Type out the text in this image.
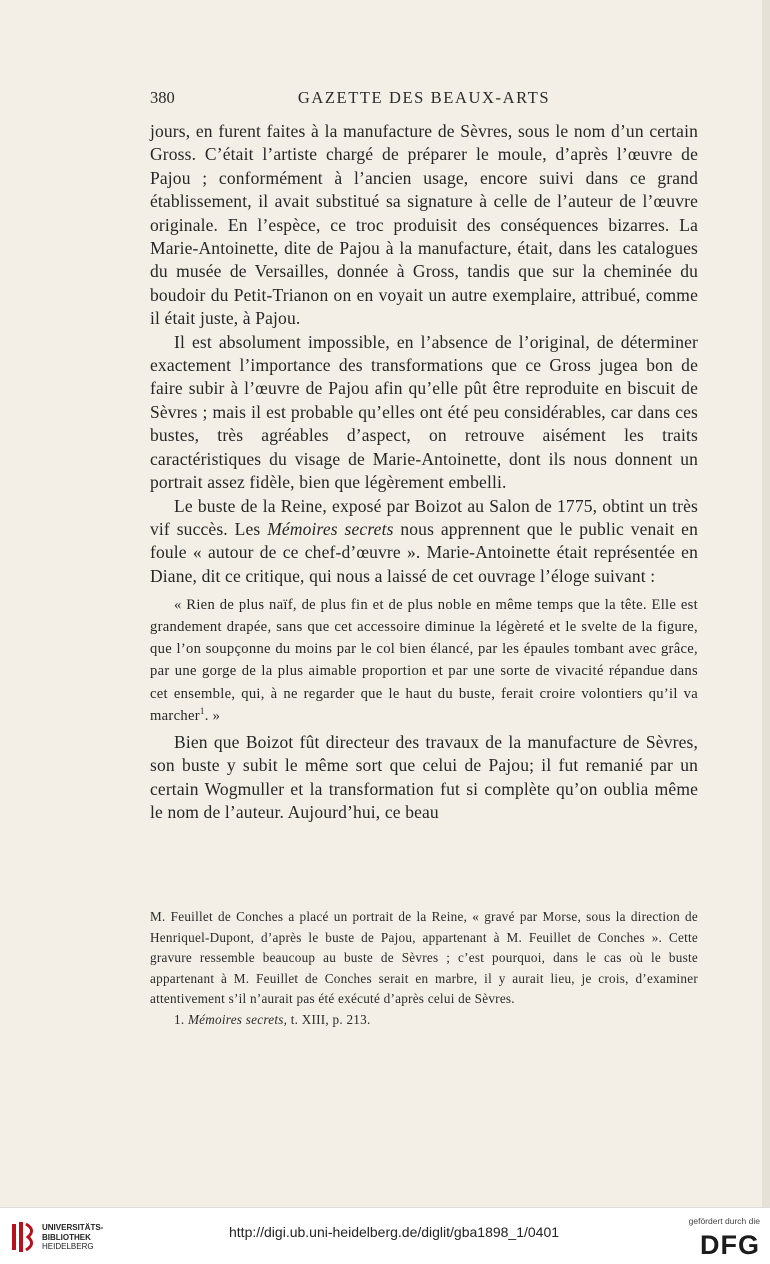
380	GAZETTE DES BEAUX-ARTS

jours, en furent faites à la manufacture de Sèvres, sous le nom d’un certain Gross. C’était l’artiste chargé de préparer le moule, d’après l’œuvre de Pajou ; conformément à l’ancien usage, encore suivi dans ce grand établissement, il avait substitué sa signature à celle de l’auteur de l’œuvre originale. En l’espèce, ce troc produisit des conséquences bizarres. La Marie-Antoinette, dite de Pajou à la manufacture, était, dans les catalogues du musée de Versailles, donnée à Gross, tandis que sur la cheminée du boudoir du Petit-Trianon on en voyait un autre exemplaire, attribué, comme il était juste, à Pajou.

Il est absolument impossible, en l’absence de l’original, de déterminer exactement l’importance des transformations que ce Gross jugea bon de faire subir à l’œuvre de Pajou afin qu’elle pût être reproduite en biscuit de Sèvres ; mais il est probable qu’elles ont été peu considérables, car dans ces bustes, très agréables d’aspect, on retrouve aisément les traits caractéristiques du visage de Marie-Antoinette, dont ils nous donnent un portrait assez fidèle, bien que légèrement embelli.

Le buste de la Reine, exposé par Boizot au Salon de 1775, obtint un très vif succès. Les Mémoires secrets nous apprennent que le public venait en foule « autour de ce chef-d’œuvre ». Marie-Antoinette était représentée en Diane, dit ce critique, qui nous a laissé de cet ouvrage l’éloge suivant :

« Rien de plus naïf, de plus fin et de plus noble en même temps que la tête. Elle est grandement drapée, sans que cet accessoire diminue la légèreté et le svelte de la figure, que l’on soupçonne du moins par le col bien élancé, par les épaules tombant avec grâce, par une gorge de la plus aimable proportion et par une sorte de vivacité répandue dans cet ensemble, qui, à ne regarder que le haut du buste, ferait croire volontiers qu’il va marcher$^1$. »

Bien que Boizot fût directeur des travaux de la manufacture de Sèvres, son buste y subit le même sort que celui de Pajou; il fut remanié par un certain Wogmuller et la transformation fut si complète qu’on oublia même le nom de l’auteur. Aujourd’hui, ce beau

M. Feuillet de Conches a placé un portrait de la Reine, « gravé par Morse, sous la direction de Henriquel-Dupont, d’après le buste de Pajou, appartenant à M. Feuillet de Conches ». Cette gravure ressemble beaucoup au buste de Sèvres ; c’est pourquoi, dans le cas où le buste appartenant à M. Feuillet de Conches serait en marbre, il y aurait lieu, je crois, d’examiner attentivement s’il n’aurait pas été exécuté d’après celui de Sèvres.

1. Mémoires secrets, t. XIII, p. 213.

UNIVERSITÄTS-
BIBLIOTHEK
HEIDELBERG
http://digi.ub.uni-heidelberg.de/diglit/gba1898_1/0401
gefördert durch die
DFG
